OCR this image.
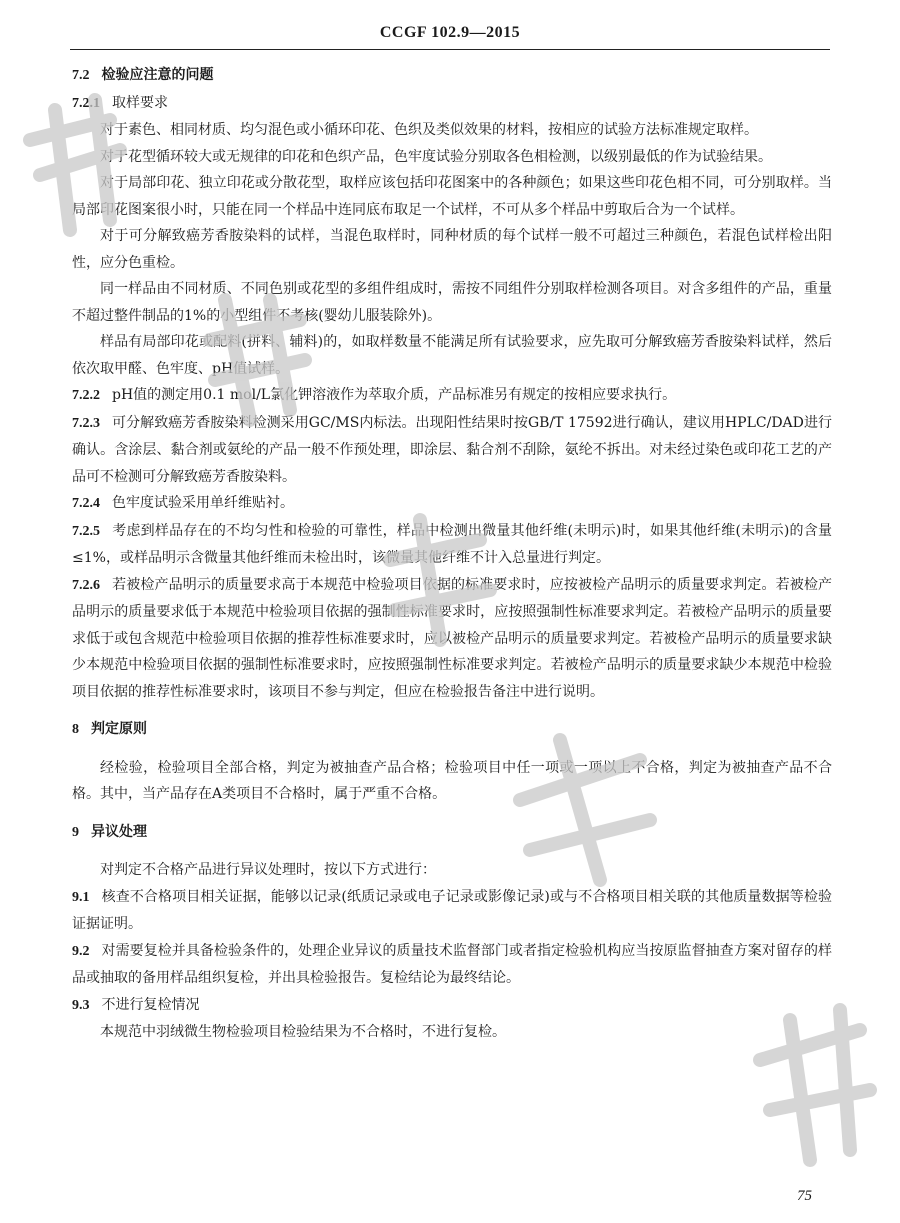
CCGF 102.9—2015

7.2 检验应注意的问题

7.2.1 取样要求

对于素色、相同材质、均匀混色或小循环印花、色织及类似效果的材料，按相应的试验方法标准规定取样。

对于花型循环较大或无规律的印花和色织产品，色牢度试验分别取各色相检测，以级别最低的作为试验结果。

对于局部印花、独立印花或分散花型，取样应该包括印花图案中的各种颜色；如果这些印花色相不同，可分别取样。当局部印花图案很小时，只能在同一个样品中连同底布取足一个试样，不可从多个样品中剪取后合为一个试样。

对于可分解致癌芳香胺染料的试样，当混色取样时，同种材质的每个试样一般不可超过三种颜色，若混色试样检出阳性，应分色重检。

同一样品由不同材质、不同色别或花型的多组件组成时，需按不同组件分别取样检测各项目。对含多组件的产品，重量不超过整件制品的1%的小型组件不考核(婴幼儿服装除外)。

样品有局部印花或配料(拼料、辅料)的，如取样数量不能满足所有试验要求，应先取可分解致癌芳香胺染料试样，然后依次取甲醛、色牢度、pH值试样。

7.2.2 pH值的测定用0.1 mol/L氯化钾溶液作为萃取介质，产品标准另有规定的按相应要求执行。

7.2.3 可分解致癌芳香胺染料检测采用GC/MS内标法。出现阳性结果时按GB/T 17592进行确认，建议用HPLC/DAD进行确认。含涂层、黏合剂或氨纶的产品一般不作预处理，即涂层、黏合剂不刮除，氨纶不拆出。对未经过染色或印花工艺的产品可不检测可分解致癌芳香胺染料。

7.2.4 色牢度试验采用单纤维贴衬。

7.2.5 考虑到样品存在的不均匀性和检验的可靠性，样品中检测出微量其他纤维(未明示)时，如果其他纤维(未明示)的含量≤1%，或样品明示含微量其他纤维而未检出时，该微量其他纤维不计入总量进行判定。

7.2.6 若被检产品明示的质量要求高于本规范中检验项目依据的标准要求时，应按被检产品明示的质量要求判定。若被检产品明示的质量要求低于本规范中检验项目依据的强制性标准要求时，应按照强制性标准要求判定。若被检产品明示的质量要求低于或包含规范中检验项目依据的推荐性标准要求时，应以被检产品明示的质量要求判定。若被检产品明示的质量要求缺少本规范中检验项目依据的强制性标准要求时，应按照强制性标准要求判定。若被检产品明示的质量要求缺少本规范中检验项目依据的推荐性标准要求时，该项目不参与判定，但应在检验报告备注中进行说明。

8 判定原则

经检验，检验项目全部合格，判定为被抽查产品合格；检验项目中任一项或一项以上不合格，判定为被抽查产品不合格。其中，当产品存在A类项目不合格时，属于严重不合格。

9 异议处理

对判定不合格产品进行异议处理时，按以下方式进行：

9.1 核查不合格项目相关证据，能够以记录(纸质记录或电子记录或影像记录)或与不合格项目相关联的其他质量数据等检验证据证明。

9.2 对需要复检并具备检验条件的，处理企业异议的质量技术监督部门或者指定检验机构应当按原监督抽查方案对留存的样品或抽取的备用样品组织复检，并出具检验报告。复检结论为最终结论。

9.3 不进行复检情况

本规范中羽绒微生物检验项目检验结果为不合格时，不进行复检。

75
